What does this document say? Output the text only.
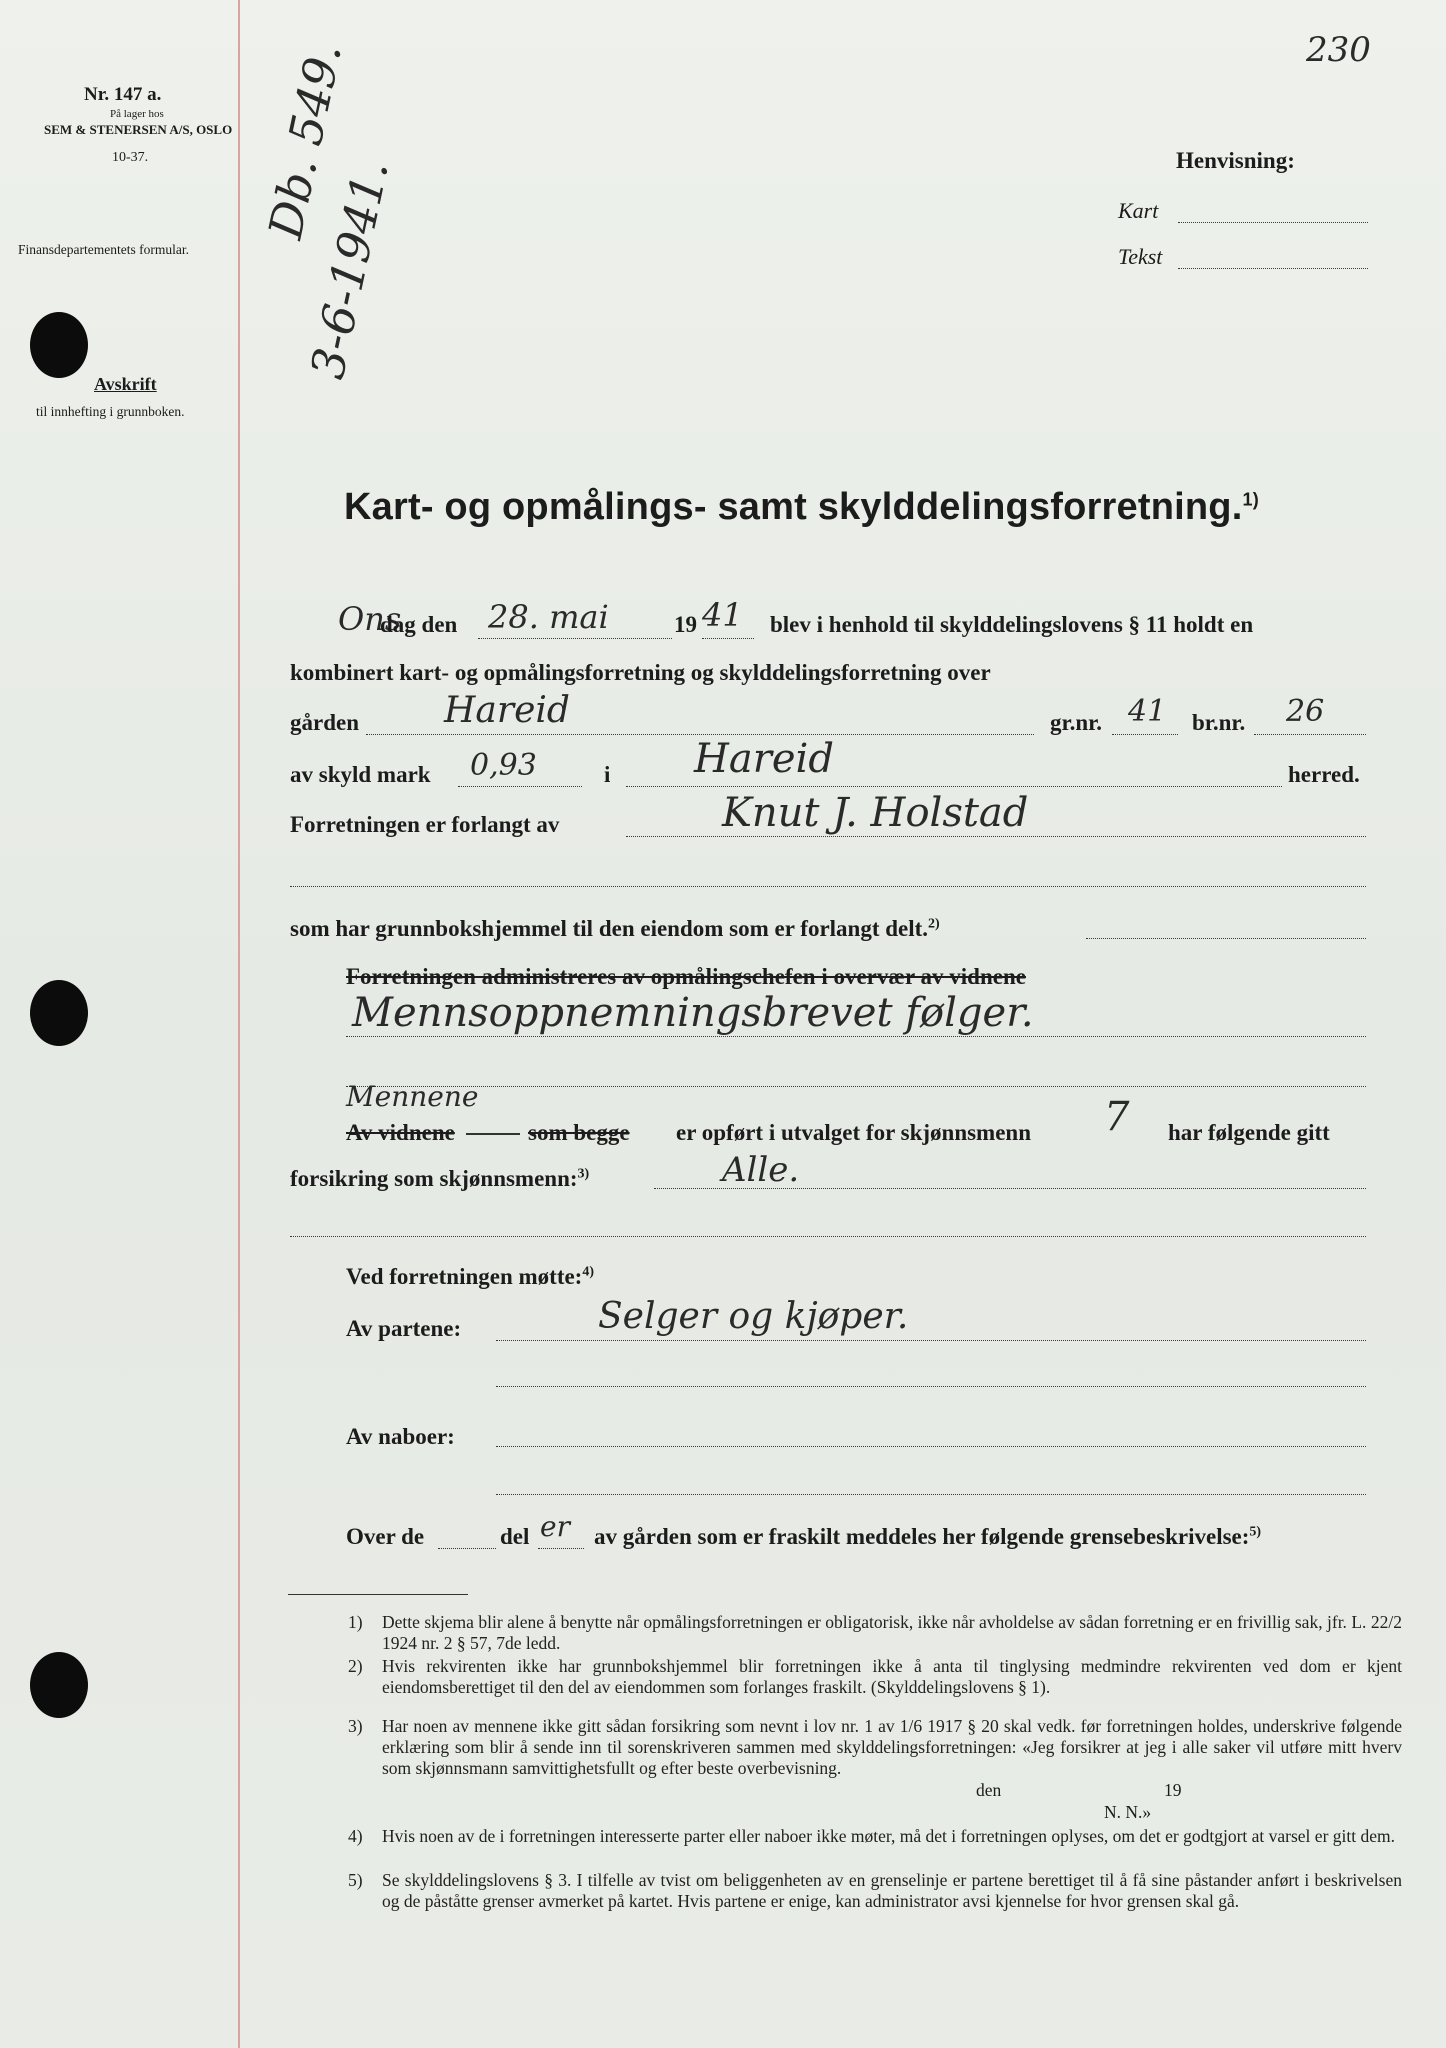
Nr. 147 a.
På lager hos
SEM & STENERSEN A/S, OSLO
10-37.
Finansdepartementets formular.
Db. 549.
3-6-1941.
Avskrift
til innhefting i grunnboken.
230
Henvisning:
Kart
Tekst
Kart- og opmålings- samt skylddelingsforretning.$^{1)}$
Ons
dag den 28. mai	19 41 blev i henhold til skylddelingslovens § 11 holdt en
kombinert kart- og opmålingsforretning og skylddelingsforretning over
gården Hareid	gr.nr. 41 br.nr. 26
av skyld mark 0,93	i Hareid	herred.
Forretningen er forlangt av	Knut J. Holstad
som har grunnbokshjemmel til den eiendom som er forlangt delt.$^{2)}$
Forretningen administreres av opmålingschefen i overvær av vidnene
Mennsoppnemningsbrevet følger.
Mennene
Av vidnene	som begge er opført i utvalget for skjønnsmenn 7 har følgende gitt
forsikring som skjønnsmenn:$^{3)}$	Alle.
Ved forretningen møtte:$^{4)}$
Av partene:	Selger og kjøper.
Av naboer:
Over de	del er av gården som er fraskilt meddeles her følgende grensebeskrivelse:$^{5)}$
1) Dette skjema blir alene å benytte når opmålingsforretningen er obligatorisk, ikke når avholdelse av sådan forretning er en frivillig sak, jfr. L. 22/2 1924 nr. 2 § 57, 7de ledd.
2) Hvis rekvirenten ikke har grunnbokshjemmel blir forretningen ikke å anta til tinglysing medmindre rekvirenten ved dom er kjent eiendomsberettiget til den del av eiendommen som forlanges fraskilt. (Skylddelingslovens § 1).
3) Har noen av mennene ikke gitt sådan forsikring som nevnt i lov nr. 1 av 1/6 1917 § 20 skal vedk. før forretningen holdes, underskrive følgende erklæring som blir å sende inn til sorenskriveren sammen med skylddelingsforretningen: «Jeg forsikrer at jeg i alle saker vil utføre mitt hverv som skjønnsmann samvittighetsfullt og efter beste overbevisning.
den	19
N. N.»
4) Hvis noen av de i forretningen interesserte parter eller naboer ikke møter, må det i forretningen oplyses, om det er godtgjort at varsel er gitt dem.
5) Se skylddelingslovens § 3. I tilfelle av tvist om beliggenheten av en grenselinje er partene berettiget til å få sine påstander anført i beskrivelsen og de påståtte grenser avmerket på kartet. Hvis partene er enige, kan administrator avsi kjennelse for hvor grensen skal gå.
